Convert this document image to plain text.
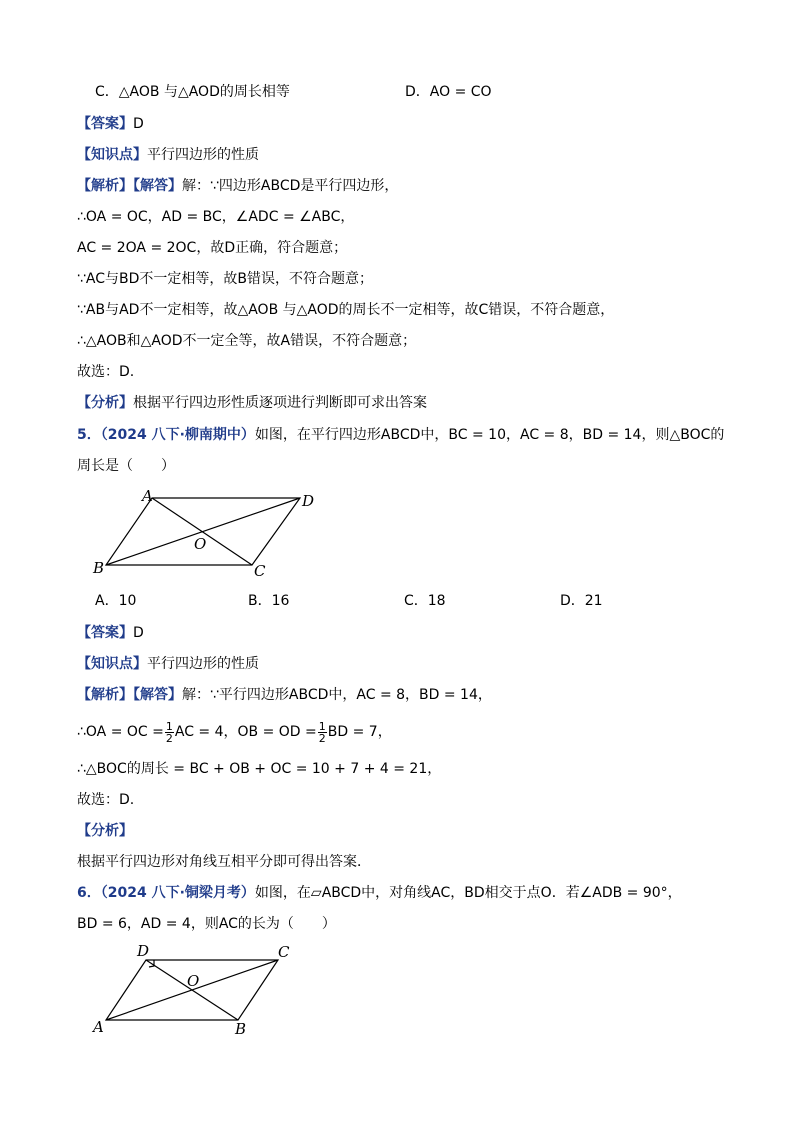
C．△AOB 与△AOD的周长相等	D．AO = CO
【答案】D
【知识点】平行四边形的性质
【解析】【解答】解：∵四边形ABCD是平行四边形，
∴OA = OC，AD = BC，∠ADC = ∠ABC，
AC = 2OA = 2OC，故D正确，符合题意；
∵AC与BD不一定相等，故B错误，不符合题意；
∵AB与AD不一定相等，故△AOB 与△AOD的周长不一定相等，故C错误，不符合题意，
∴△AOB和△AOD不一定全等，故A错误，不符合题意；
故选：D.
【分析】根据平行四边形性质逐项进行判断即可求出答案
5．（2024 八下·柳南期中）如图，在平行四边形ABCD中，BC = 10，AC = 8，BD = 14，则△BOC的
周长是（　　）
A	D
B	C
O
A．10	B．16	C．18	D．21
【答案】D
【知识点】平行四边形的性质
【解析】【解答】解：∵平行四边形ABCD中，AC = 8，BD = 14，
∴OA = OC = $\frac{1}{2}$ AC = 4，OB = OD = $\frac{1}{2}$ BD = 7，
∴△BOC的周长 = BC + OB + OC = 10 + 7 + 4 = 21，
故选：D.
【分析】
根据平行四边形对角线互相平分即可得出答案．
6．（2024 八下·铜梁月考）如图，在▱ABCD中，对角线AC，BD相交于点O．若∠ADB = 90°，
BD = 6，AD = 4，则AC的长为（　　）
D	C
A	B
O
